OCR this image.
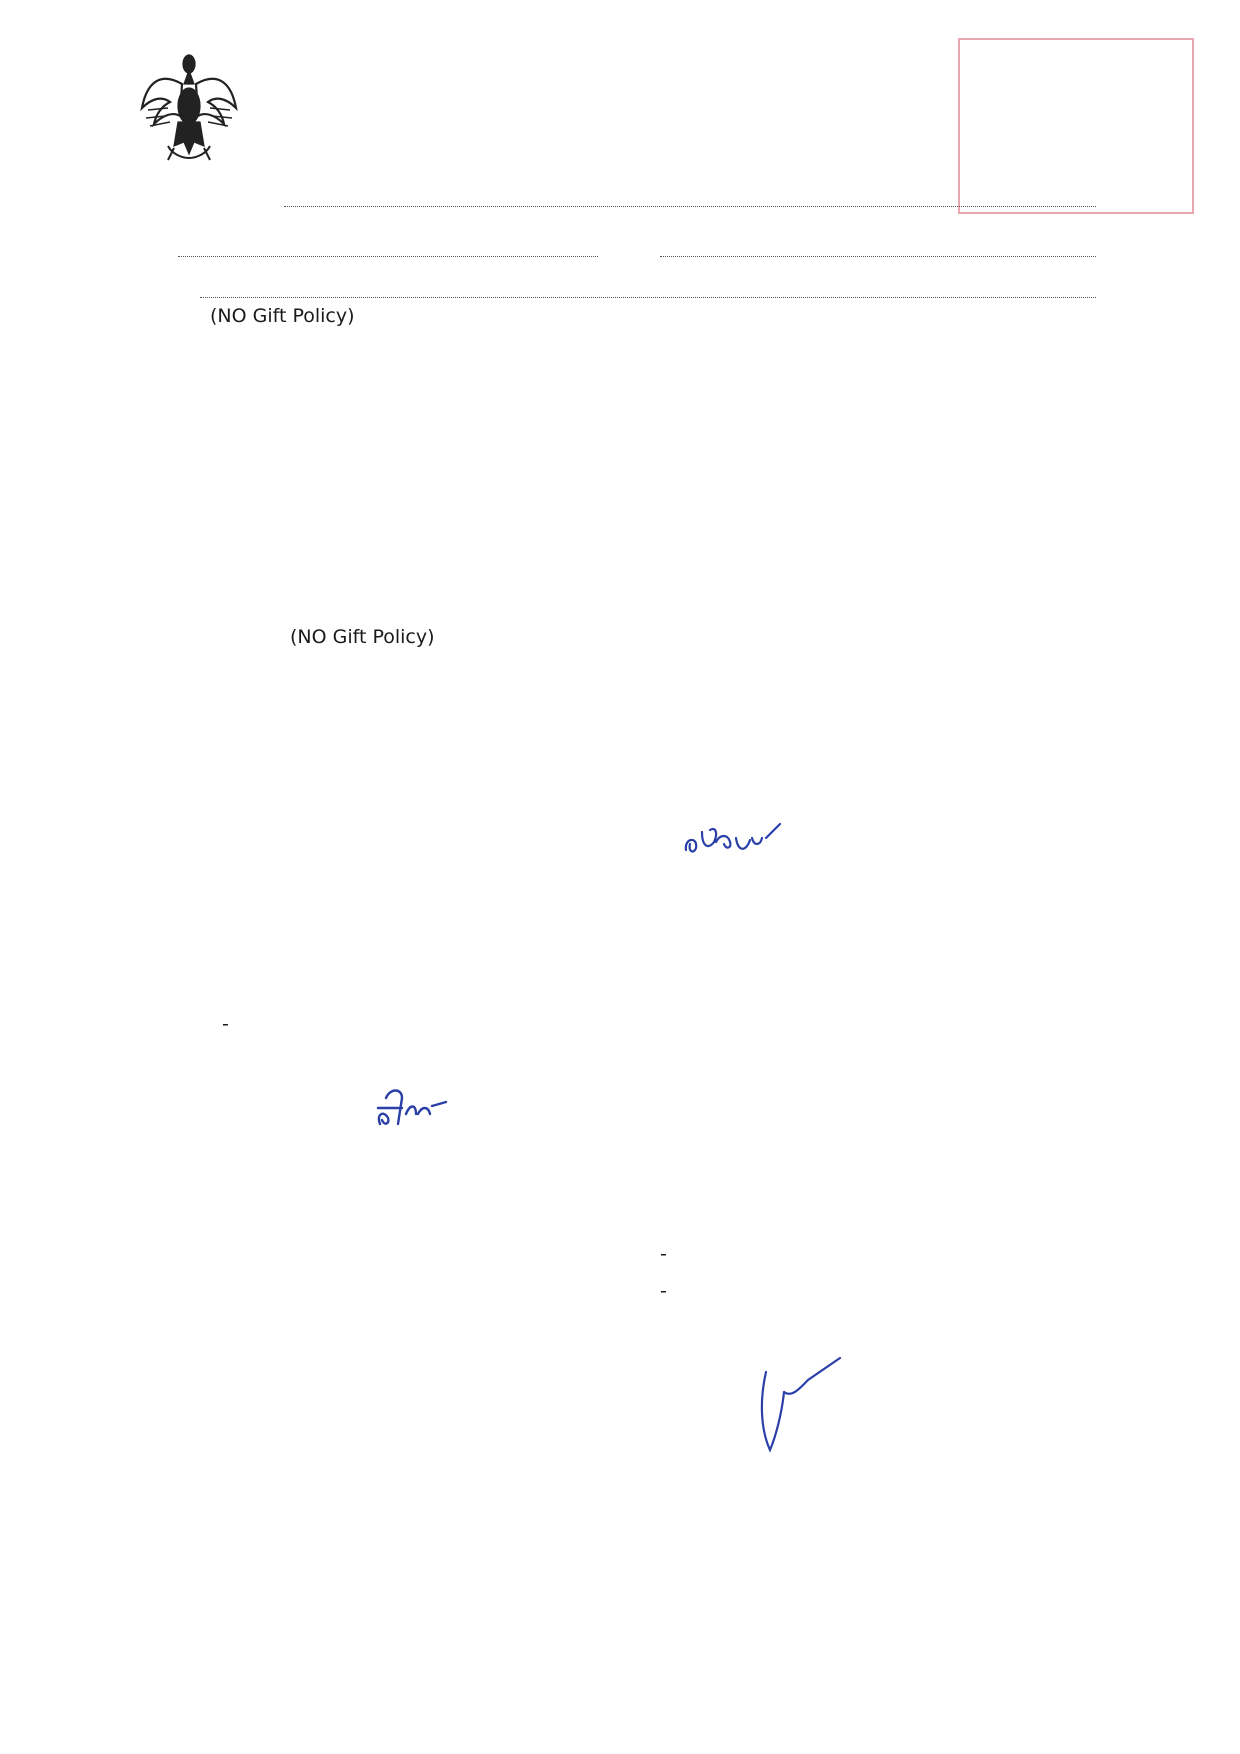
(NO Gift Policy)
(NO Gift Policy)
-
-
-
